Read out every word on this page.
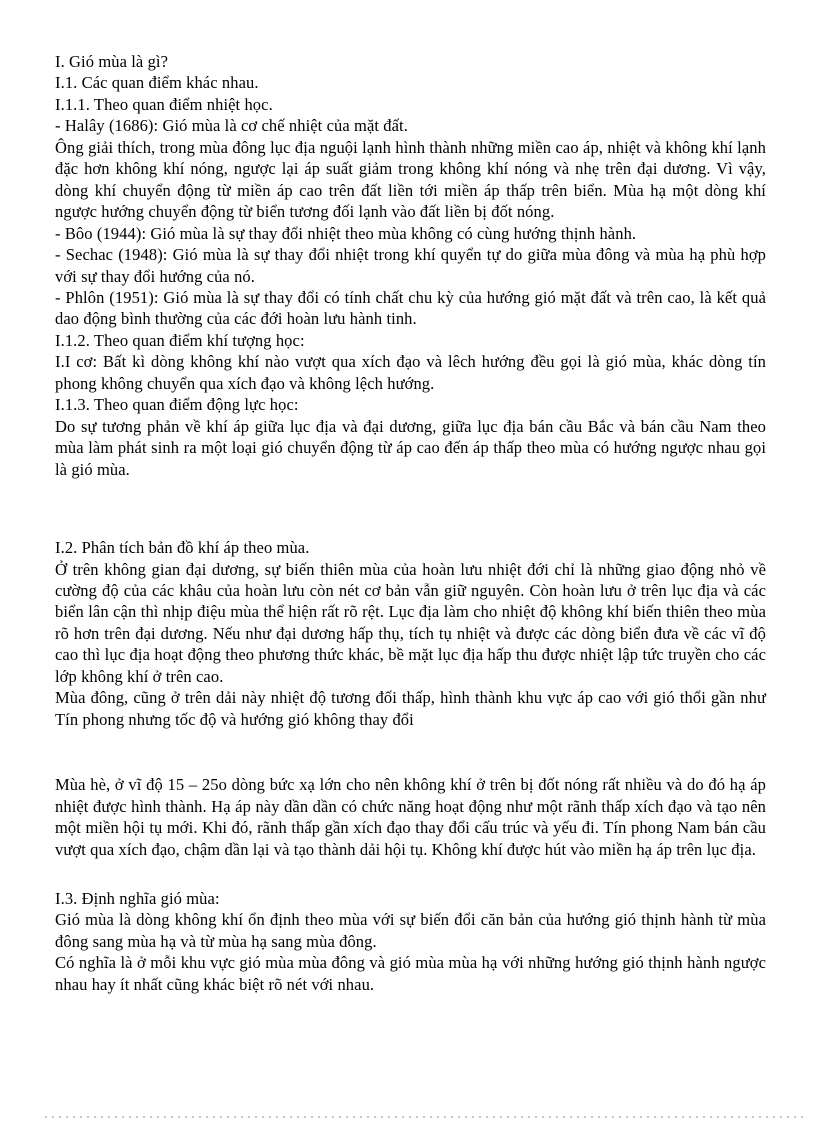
I. Gió mùa là gì?

I.1. Các quan điểm khác nhau.

I.1.1. Theo quan điểm nhiệt học.

- Halây (1686): Gió mùa là cơ chế nhiệt của mặt đất.

Ông giải thích, trong mùa đông lục địa nguội lạnh hình thành những miền cao áp, nhiệt và không khí lạnh đặc hơn không khí nóng, ngược lại áp suất giảm trong không khí nóng và nhẹ trên đại dương. Vì vậy, dòng khí chuyển động từ miền áp cao trên đất liền tới miền áp thấp trên biển. Mùa hạ một dòng khí ngược hướng chuyển động từ biển tương đối lạnh vào đất liền bị đốt nóng.

- Bôo (1944): Gió mùa là sự thay đổi nhiệt theo mùa không có cùng hướng thịnh hành.

- Sechac (1948): Gió mùa là sự thay đổi nhiệt trong khí quyển tự do giữa mùa đông và mùa hạ phù hợp với sự thay đổi hướng của nó.

- Phlôn (1951): Gió mùa là sự thay đổi có tính chất chu kỳ của hướng gió mặt đất và trên cao, là kết quả dao động bình thường của các đới hoàn lưu hành tinh.

I.1.2. Theo quan điểm khí tượng học:

I.I cơ: Bất kì dòng không khí nào vượt qua xích đạo và lêch hướng đều gọi là gió mùa, khác dòng tín phong không chuyển qua xích đạo và không lệch hướng.

I.1.3. Theo quan điểm động lực học:

Do sự tương phản về khí áp giữa lục địa và đại dương, giữa lục địa bán cầu Bắc và bán cầu Nam theo mùa làm phát sinh ra một loại gió chuyển động từ áp cao đến áp thấp theo mùa có hướng ngược nhau gọi là gió mùa.

I.2. Phân tích bản đồ khí áp theo mùa.

Ở trên không gian đại dương, sự biến thiên mùa của hoàn lưu nhiệt đới chỉ là những giao động nhỏ về cường độ của các khâu của hoàn lưu còn nét cơ bản vẫn giữ nguyên. Còn hoàn lưu ở trên lục địa và các biển lân cận thì nhịp điệu mùa thể hiện rất rõ rệt. Lục địa làm cho nhiệt độ không khí biến thiên theo mùa rõ hơn trên đại dương. Nếu như đại dương hấp thụ, tích tụ nhiệt và được các dòng biển đưa về các vĩ độ cao thì lục địa hoạt động theo phương thức khác, bề mặt lục địa hấp thu được nhiệt lập tức truyền cho các lớp không khí ở trên cao.

Mùa đông, cũng ở trên dải này nhiệt độ tương đối thấp, hình thành khu vực áp cao với gió thổi gần như Tín phong nhưng tốc độ và hướng gió không thay đổi

Mùa hè, ở vĩ độ 15 – 25o dòng bức xạ lớn cho nên không khí ở trên bị đốt nóng rất nhiều và do đó hạ áp nhiệt được hình thành. Hạ áp này dần dần có chức năng hoạt động như một rãnh thấp xích đạo và tạo nên một miền hội tụ mới. Khi đó, rãnh thấp gần xích đạo thay đổi cấu trúc và yếu đi. Tín phong Nam bán cầu vượt qua xích đạo, chậm dần lại và tạo thành dải hội tụ. Không khí được hút vào miền hạ áp trên lục địa.

I.3. Định nghĩa gió mùa:

Gió mùa là dòng không khí ổn định theo mùa với sự biến đổi căn bản của hướng gió thịnh hành từ mùa đông sang mùa hạ và từ mùa hạ sang mùa đông.

Có nghĩa là ở mỗi khu vực gió mùa mùa đông và gió mùa mùa hạ với những hướng gió thịnh hành ngược nhau hay ít nhất cũng khác biệt rõ nét với nhau.
